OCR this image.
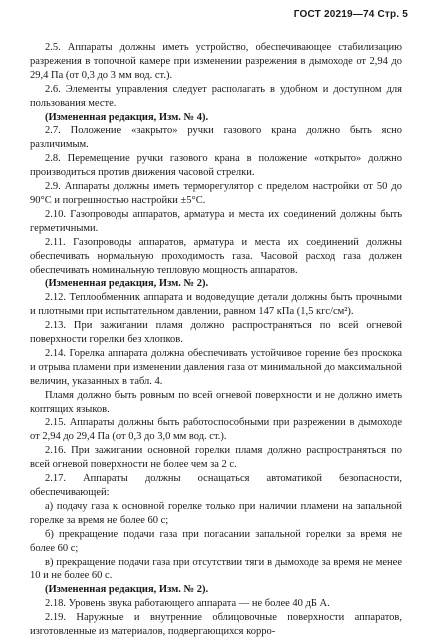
ГОСТ 20219—74 Стр. 5

2.5. Аппараты должны иметь устройство, обеспечивающее стабилизацию разрежения в топочной камере при изменении разрежения в дымоходе от 2,94 до 29,4 Па (от 0,3 до 3 мм вод. ст.).

2.6. Элементы управления следует располагать в удобном и доступном для пользования месте.

(Измененная редакция, Изм. № 4).

2.7. Положение «закрыто» ручки газового крана должно быть ясно различимым.

2.8. Перемещение ручки газового крана в положение «открыто» должно производиться против движения часовой стрелки.

2.9. Аппараты должны иметь терморегулятор с пределом настройки от 50 до 90°С и погрешностью настройки ±5°С.

2.10. Газопроводы аппаратов, арматура и места их соединений должны быть герметичными.

2.11. Газопроводы аппаратов, арматура и места их соединений должны обеспечивать нормальную проходимость газа. Часовой расход газа должен обеспечивать номинальную тепловую мощность аппаратов.

(Измененная редакция, Изм. № 2).

2.12. Теплообменник аппарата и водоведущие детали должны быть прочными и плотными при испытательном давлении, равном 147 кПа (1,5 кгс/см²).

2.13. При зажигании пламя должно распространяться по всей огневой поверхности горелки без хлопков.

2.14. Горелка аппарата должна обеспечивать устойчивое горение без проскока и отрыва пламени при изменении давления газа от минимальной до максимальной величин, указанных в табл. 4.

Пламя должно быть ровным по всей огневой поверхности и не должно иметь коптящих языков.

2.15. Аппараты должны быть работоспособными при разрежении в дымоходе от 2,94 до 29,4 Па (от 0,3 до 3,0 мм вод. ст.).

2.16. При зажигании основной горелки пламя должно распространяться по всей огневой поверхности не более чем за 2 с.

2.17. Аппараты должны оснащаться автоматикой безопасности, обеспечивающей:

а) подачу газа к основной горелке только при наличии пламени на запальной горелке за время не более 60 с;

б) прекращение подачи газа при погасании запальной горелки за время не более 60 с;

в) прекращение подачи газа при отсутствии тяги в дымоходе за время не менее 10 и не более 60 с.

(Измененная редакция, Изм. № 2).

2.18. Уровень звука работающего аппарата — не более 40 дБ А.

2.19. Наружные и внутренние облицовочные поверхности аппаратов, изготовленные из материалов, подвергающихся корро-
